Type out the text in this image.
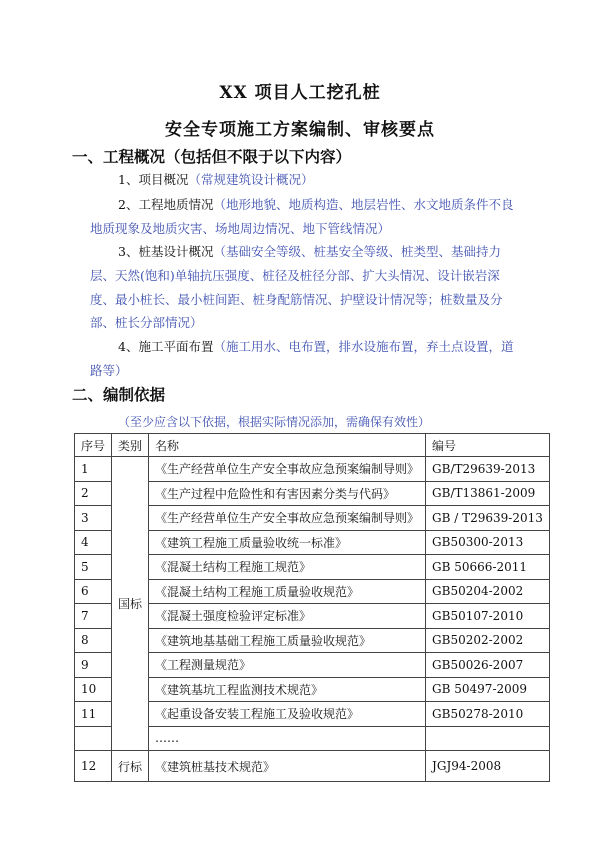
XX 项目人工挖孔桩
安全专项施工方案编制、审核要点
一、工程概况（包括但不限于以下内容）
1、项目概况（常规建筑设计概况）
2、工程地质情况（地形地貌、地质构造、地层岩性、水文地质条件不良地质现象及地质灾害、场地周边情况、地下管线情况）
3、桩基设计概况（基础安全等级、桩基安全等级、桩类型、基础持力层、天然(饱和)单轴抗压强度、桩径及桩径分部、扩大头情况、设计嵌岩深度、最小桩长、最小桩间距、桩身配筋情况、护壁设计情况等；桩数量及分部、桩长分部情况）
4、施工平面布置（施工用水、电布置，排水设施布置，弃土点设置，道路等）
二、编制依据
（至少应含以下依据，根据实际情况添加，需确保有效性）
序号	类别	名称	编号
1	国标	《生产经营单位生产安全事故应急预案编制导则》	GB/T29639-2013
2		《生产过程中危险性和有害因素分类与代码》	GB/T13861-2009
3		《生产经营单位生产安全事故应急预案编制导则》	GB / T29639-2013
4		《建筑工程施工质量验收统一标准》	GB50300-2013
5		《混凝土结构工程施工规范》	GB 50666-2011
6		《混凝土结构工程施工质量验收规范》	GB50204-2002
7		《混凝土强度检验评定标准》	GB50107-2010
8		《建筑地基基础工程施工质量验收规范》	GB50202-2002
9		《工程测量规范》	GB50026-2007
10		《建筑基坑工程监测技术规范》	GB 50497-2009
11		《起重设备安装工程施工及验收规范》	GB50278-2010
		……	
12	行标	《建筑桩基技术规范》	JGJ94-2008
